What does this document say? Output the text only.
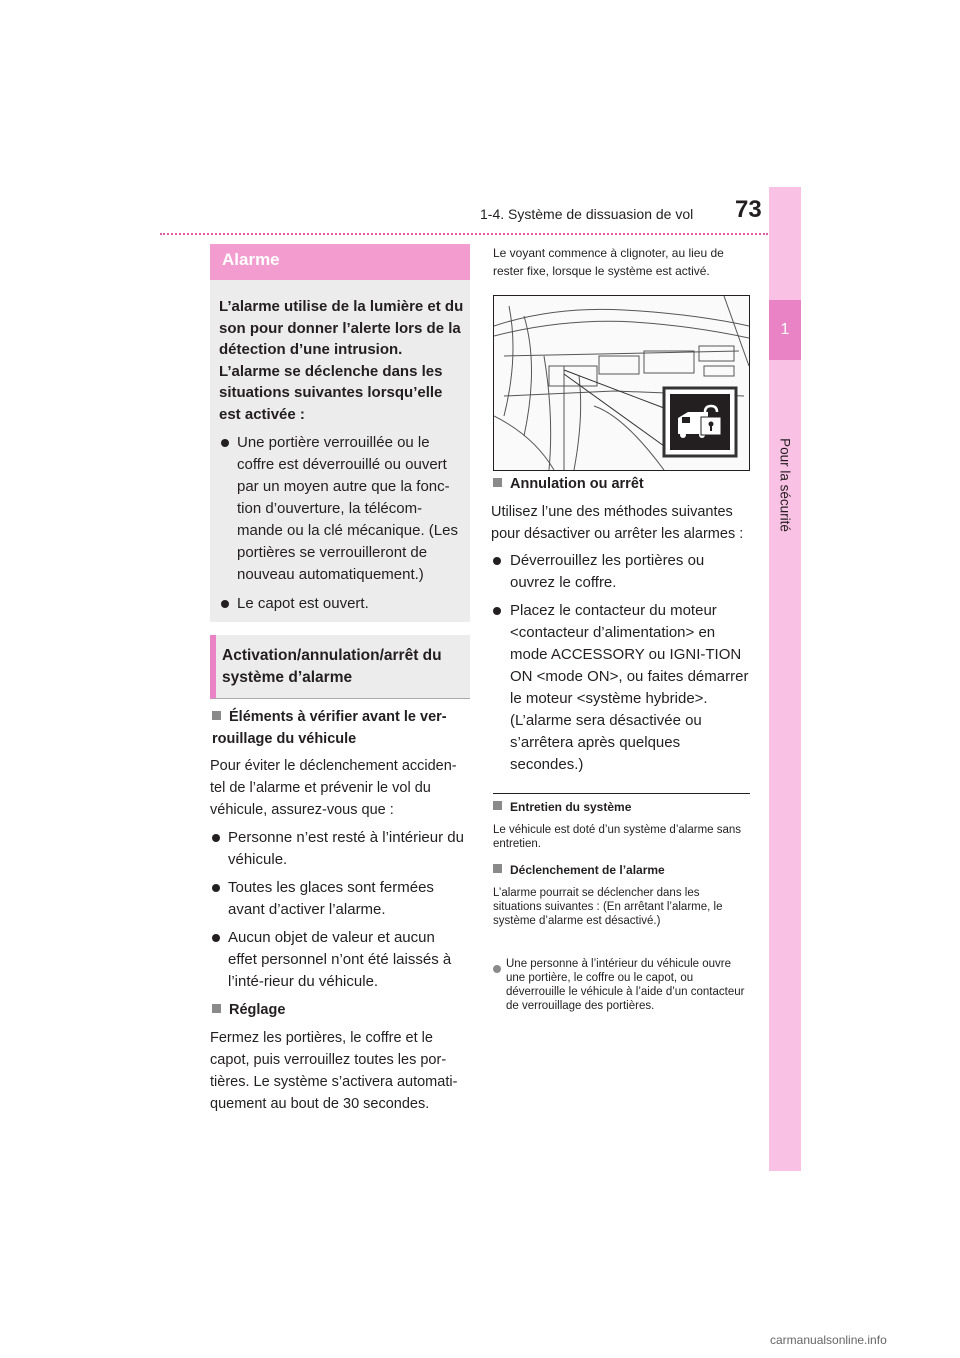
1-4. Système de dissuasion de vol 73
1
Pour la sécurité
Alarme
L’alarme utilise de la lumière et du son pour donner l’alerte lors de la détection d’une intrusion. L’alarme se déclenche dans les situations suivantes lorsqu’elle est activée :
Une portière verrouillée ou le coffre est déverrouillé ou ouvert par un moyen autre que la fonc-tion d’ouverture, la télécom-mande ou la clé mécanique. (Les portières se verrouilleront de nouveau automatiquement.)
Le capot est ouvert.
Activation/annulation/arrêt du système d’alarme
Éléments à vérifier avant le ver-rouillage du véhicule
Pour éviter le déclenchement acciden-tel de l’alarme et prévenir le vol du véhicule, assurez-vous que :
Personne n’est resté à l’intérieur du véhicule.
Toutes les glaces sont fermées avant d’activer l’alarme.
Aucun objet de valeur et aucun effet personnel n’ont été laissés à l’inté-rieur du véhicule.
Réglage
Fermez les portières, le coffre et le capot, puis verrouillez toutes les por-tières. Le système s’activera automati-quement au bout de 30 secondes.
Le voyant commence à clignoter, au lieu de rester fixe, lorsque le système est activé.
Annulation ou arrêt
Utilisez l’une des méthodes suivantes pour désactiver ou arrêter les alarmes :
Déverrouillez les portières ou ouvrez le coffre.
Placez le contacteur du moteur <contacteur d’alimentation> en mode ACCESSORY ou IGNI-TION ON <mode ON>, ou faites démarrer le moteur <système hybride>. (L’alarme sera désactivée ou s’arrêtera après quelques secondes.)
Entretien du système
Le véhicule est doté d’un système d’alarme sans entretien.
Déclenchement de l’alarme
L’alarme pourrait se déclencher dans les situations suivantes : (En arrêtant l’alarme, le système d’alarme est désactivé.)
Une personne à l’intérieur du véhicule ouvre une portière, le coffre ou le capot, ou déverrouille le véhicule à l’aide d’un contacteur de verrouillage des portières.
carmanualsonline.info
